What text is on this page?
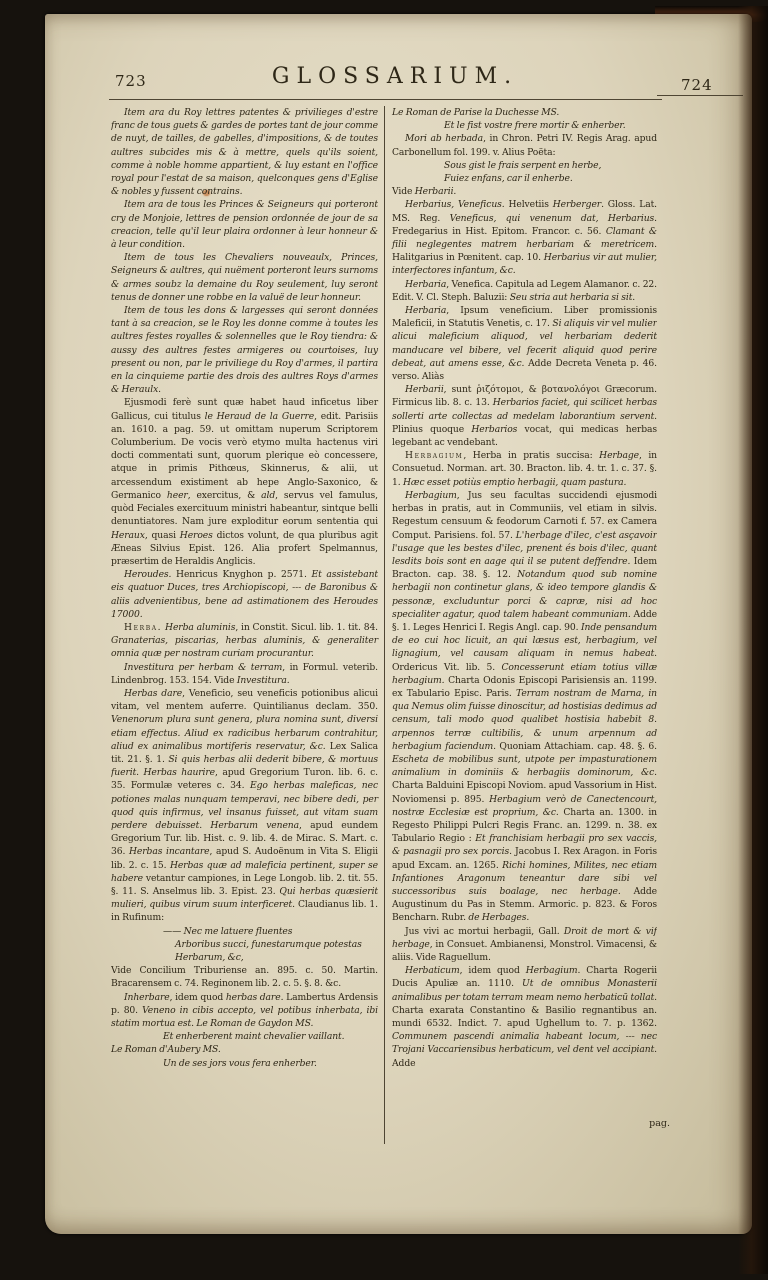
723	GLOSSARIUM.	724

Item ara du Roy lettres patentes & privilieges d'estre franc de tous guets & gardes de portes tant de jour comme de nuyt, de tailles, de gabelles, d'impositions, & de toutes aultres subcides mis & à mettre, quels qu'ils soient, comme à noble homme appartient, & luy estant en l'office royal pour l'estat de sa maison, quelconques gens d'Eglise & nobles y fussent contrains.

Item ara de tous les Princes & Seigneurs qui porteront cry de Monjoie, lettres de pension ordonnée de jour de sa creacion, telle qu'il leur plaira ordonner à leur honneur & à leur condition.

Item de tous les Chevaliers nouveaulx, Princes, Seigneurs & aultres, qui nuëment porteront leurs surnoms & armes soubz la demaine du Roy seulement, luy seront tenus de donner une robbe en la valuë de leur honneur.

Item de tous les dons & largesses qui seront données tant à sa creacion, se le Roy les donne comme à toutes les aultres festes royalles & solennelles que le Roy tiendra: & aussy des aultres festes armigeres ou courtoises, luy present ou non, par le priviliege du Roy d'armes, il partira en la cinquieme partie des drois des aultres Roys d'armes & Heraulx.

Ejusmodi ferè sunt quæ habet haud inficetus liber Gallicus, cui titulus le Heraud de la Guerre, edit. Parisiis an. 1610. a pag. 59. ut omittam nuperum Scriptorem Columberium. De vocis verò etymo multa hactenus viri docti commentati sunt, quorum plerique eò concessere, atque in primis Pithœus, Skinnerus, & alii, ut arcessendum existiment ab hepe Anglo-Saxonico, & Germanico heer, exercitus, & ald, servus vel famulus, quòd Feciales exercituum ministri habeantur, sintque belli denuntiatores. Nam jure exploditur eorum sententia qui Heraux, quasi Heroes dictos volunt, de qua pluribus agit Æneas Silvius Epist. 126. Alia profert Spelmannus, præsertim de Heraldis Anglicis.

Heroudes. Henricus Knyghon p. 2571. Et assistebant eis quatuor Duces, tres Archiopiscopi, --- de Baronibus & aliis advenientibus, bene ad astimationem des Heroudes 17000.

Herba. Herba aluminis, in Constit. Sicul. lib. 1. tit. 84. Granaterias, piscarias, herbas aluminis, & generaliter omnia quæ per nostram curiam procurantur.

Investitura per herbam & terram, in Formul. veterib. Lindenbrog. 153. 154. Vide Investitura.

Herbas dare, Veneficio, seu veneficis potionibus alicui vitam, vel mentem auferre. Quintilianus declam. 350. Venenorum plura sunt genera, plura nomina sunt, diversi etiam effectus. Aliud ex radicibus herbarum contrahitur, aliud ex animalibus mortiferis reservatur, &c. Lex Salica tit. 21. §. 1. Si quis herbas alii dederit bibere, & mortuus fuerit. Herbas haurire, apud Gregorium Turon. lib. 6. c. 35. Formulæ veteres c. 34. Ego herbas maleficas, nec potiones malas nunquam temperavi, nec bibere dedi, per quod quis infirmus, vel insanus fuisset, aut vitam suam perdere debuisset. Herbarum venena, apud eundem Gregorium Tur. lib. Hist. c. 9. lib. 4. de Mirac. S. Mart. c. 36. Herbas incantare, apud S. Audoënum in Vita S. Eligii lib. 2. c. 15. Herbas quæ ad maleficia pertinent, super se habere vetantur campiones, in Lege Longob. lib. 2. tit. 55. §. 11. S. Anselmus lib. 3. Epist. 23. Qui herbas quæsierit mulieri, quibus virum suum interficeret. Claudianus lib. 1. in Rufinum:

—— Nec me latuere fluentes

Arboribus succi, funestarumque potestas

Herbarum, &c,

Vide Concilium Triburiense an. 895. c. 50. Martin. Bracarensem c. 74. Reginonem lib. 2. c. 5. §. 8. &c.

Inherbare, idem quod herbas dare. Lambertus Ardensis p. 80. Veneno in cibis accepto, vel potibus inherbata, ibi statim mortua est. Le Roman de Gaydon MS.

Et enherberent maint chevalier vaillant.

Le Roman d'Aubery MS.

Un de ses jors vous fera enherber.

Le Roman de Parise la Duchesse MS.

Et le fist vostre frere mortir & enherber.

Mori ab herbada, in Chron. Petri IV. Regis Arag. apud Carbonellum fol. 199. v. Alius Poëta:

Sous gist le frais serpent en herbe,

Fuiez enfans, car il enherbe.

Vide Herbarii.

Herbarius, Veneficus. Helvetiis Herberger. Gloss. Lat. MS. Reg. Veneficus, qui venenum dat, Herbarius. Fredegarius in Hist. Epitom. Francor. c. 56. Clamant & filii neglegentes matrem herbariam & meretricem. Halitgarius in Pœnitent. cap. 10. Herbarius vir aut mulier, interfectores infantum, &c.

Herbaria, Venefica. Capitula ad Legem Alamanor. c. 22. Edit. V. Cl. Steph. Baluzii: Seu stria aut herbaria si sit.

Herbaria, Ipsum veneficium. Liber promissionis Maleficii, in Statutis Venetis, c. 17. Si aliquis vir vel mulier alicui maleficium aliquod, vel herbariam dederit manducare vel bibere, vel fecerit aliquid quod perire debeat, aut amens esse, &c. Adde Decreta Veneta p. 46. verso. Aliàs

Herbarii, sunt ῥιζότομοι, & βοτανολόγοι Græcorum. Firmicus lib. 8. c. 13. Herbarios faciet, qui scilicet herbas sollerti arte collectas ad medelam laborantium servent. Plinius quoque Herbarios vocat, qui medicas herbas legebant ac vendebant.

Herbagium, Herba in pratis succisa: Herbage, in Consuetud. Norman. art. 30. Bracton. lib. 4. tr. 1. c. 37. §. 1. Hæc esset potiùs emptio herbagii, quam pastura.

Herbagium, Jus seu facultas succidendi ejusmodi herbas in pratis, aut in Communiis, vel etiam in silvis. Regestum censuum & feodorum Carnoti f. 57. ex Camera Comput. Parisiens. fol. 57. L'herbage d'ilec, c'est asçavoir l'usage que les bestes d'ilec, prenent és bois d'ilec, quant lesdits bois sont en aage qui il se putent deffendre. Idem Bracton. cap. 38. §. 12. Notandum quod sub nomine herbagii non continetur glans, & ideo tempore glandis & pessonæ, excluduntur porci & capræ, nisi ad hoc specialiter agatur, quod talem habeant communiam. Adde §. 1. Leges Henrici I. Regis Angl. cap. 90. Inde pensandum de eo cui hoc licuit, an qui læsus est, herbagium, vel lignagium, vel causam aliquam in nemus habeat. Ordericus Vit. lib. 5. Concesserunt etiam totius villæ herbagium. Charta Odonis Episcopi Parisiensis an. 1199. ex Tabulario Episc. Paris. Terram nostram de Marna, in qua Nemus olim fuisse dinoscitur, ad hostisias dedimus ad censum, tali modo quod qualibet hostisia habebit 8. arpennos terræ cultibilis, & unum arpennum ad herbagium faciendum. Quoniam Attachiam. cap. 48. §. 6. Escheta de mobilibus sunt, utpote per impasturationem animalium in dominiis & herbagiis dominorum, &c. Charta Balduini Episcopi Noviom. apud Vassorium in Hist. Noviomensi p. 895. Herbagium verò de Canectencourt, nostræ Ecclesiæ est proprium, &c. Charta an. 1300. in Regesto Philippi Pulcri Regis Franc. an. 1299. n. 38. ex Tabulario Regio : Et franchisiam herbagii pro sex vaccis, & pasnagii pro sex porcis. Jacobus I. Rex Aragon. in Foris apud Excam. an. 1265. Richi homines, Milites, nec etiam Infantiones Aragonum teneantur dare sibi vel successoribus suis boalage, nec herbage. Adde Augustinum du Pas in Stemm. Armoric. p. 823. & Foros Bencharn. Rubr. de Herbages.

Jus vivi ac mortui herbagii, Gall. Droit de mort & vif herbage, in Consuet. Ambianensi, Monstrol. Vimacensi, & aliis. Vide Raguellum.

Herbaticum, idem quod Herbagium. Charta Rogerii Ducis Apuliæ an. 1110. Ut de omnibus Monasterii animalibus per totam terram meam nemo herbaticū tollat. Charta exarata Constantino & Basilio regnantibus an. mundi 6532. Indict. 7. apud Ughellum to. 7. p. 1362. Communem pascendi animalia habeant locum, --- nec Trojani Vaccariensibus herbaticum, vel dent vel accipiant. Adde

pag.
